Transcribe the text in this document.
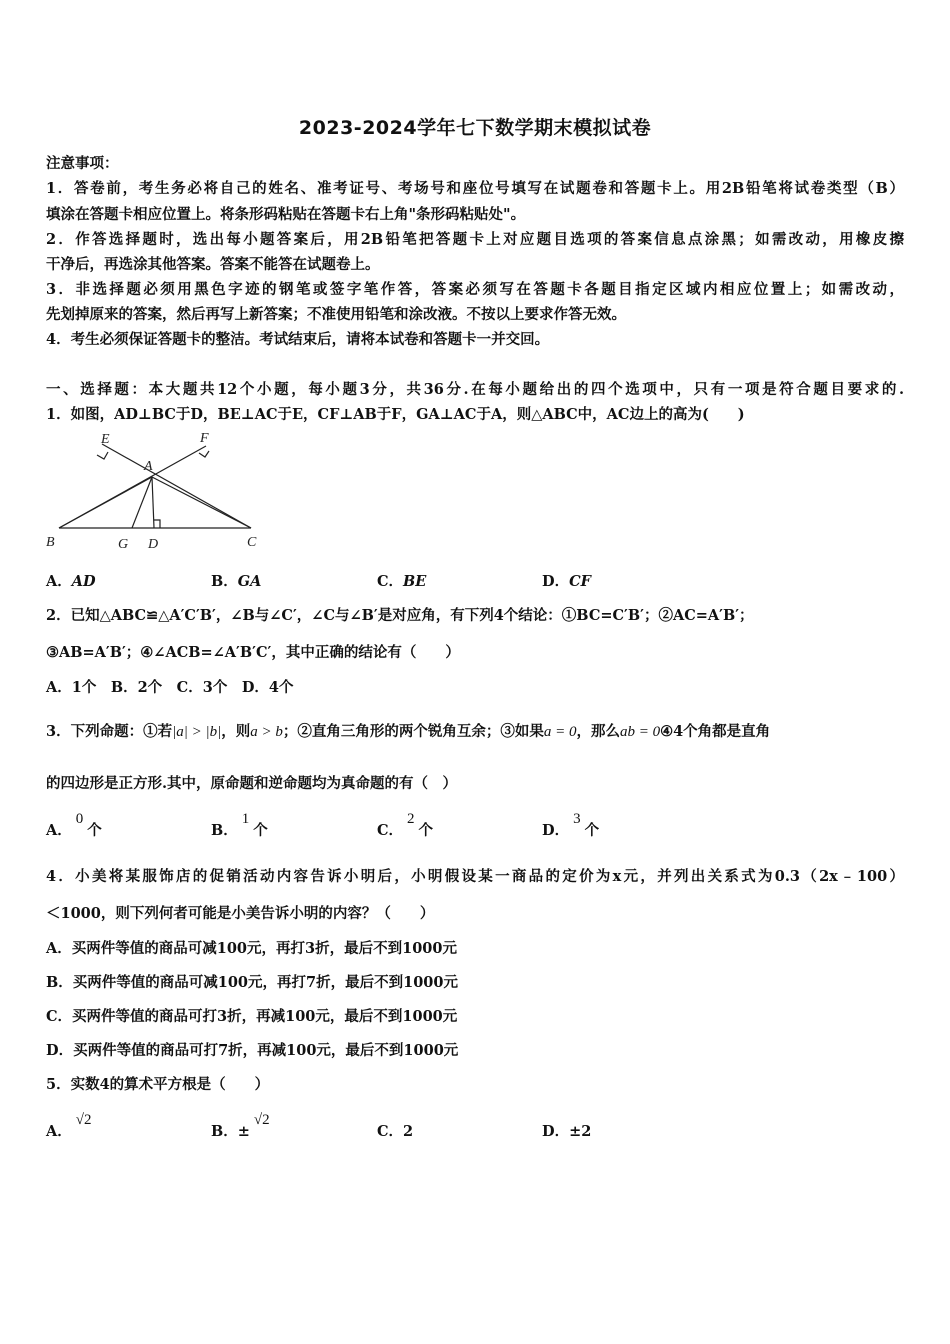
2023-2024学年七下数学期末模拟试卷
注意事项：
1．答卷前，考生务必将自己的姓名、准考证号、考场号和座位号填写在试题卷和答题卡上。用2B铅笔将试卷类型（B）
填涂在答题卡相应位置上。将条形码粘贴在答题卡右上角"条形码粘贴处"。
2．作答选择题时，选出每小题答案后，用2B铅笔把答题卡上对应题目选项的答案信息点涂黑；如需改动，用橡皮擦
干净后，再选涂其他答案。答案不能答在试题卷上。
3．非选择题必须用黑色字迹的钢笔或签字笔作答，答案必须写在答题卡各题目指定区域内相应位置上；如需改动，
先划掉原来的答案，然后再写上新答案；不准使用铅笔和涂改液。不按以上要求作答无效。
4．考生必须保证答题卡的整洁。考试结束后，请将本试卷和答题卡一并交回。
一、选择题：本大题共12个小题，每小题3分，共36分.在每小题给出的四个选项中，只有一项是符合题目要求的.
1．如图，AD⊥BC于D，BE⊥AC于E，CF⊥AB于F，GA⊥AC于A，则△ABC中，AC边上的高为(　　)
E	F
A
B	G D	C
A．AD	B．GA	C．BE	D．CF
2．已知△ABC≌△A′C′B′，∠B与∠C′，∠C与∠B′是对应角，有下列4个结论：①BC=C′B′；②AC=A′B′；
③AB=A′B′；④∠ACB=∠A′B′C′，其中正确的结论有（　　）
A．1个　B．2个　C．3个　D．4个
3．下列命题：①若|a| > |b|，则a > b；②直角三角形的两个锐角互余；③如果a = 0，那么ab = 0④4个角都是直角
的四边形是正方形.其中，原命题和逆命题均为真命题的有（　）
A．0个	B．1个	C．2个	D．3个
4．小美将某服饰店的促销活动内容告诉小明后，小明假设某一商品的定价为x元，并列出关系式为0.3（2x﹣100）
＜1000，则下列何者可能是小美告诉小明的内容？（　　）
A．买两件等值的商品可减100元，再打3折，最后不到1000元
B．买两件等值的商品可减100元，再打7折，最后不到1000元
C．买两件等值的商品可打3折，再减100元，最后不到1000元
D．买两件等值的商品可打7折，再减100元，最后不到1000元
5．实数4的算术平方根是（　　）
A．√2
B．±√2
C．2	D．±2
